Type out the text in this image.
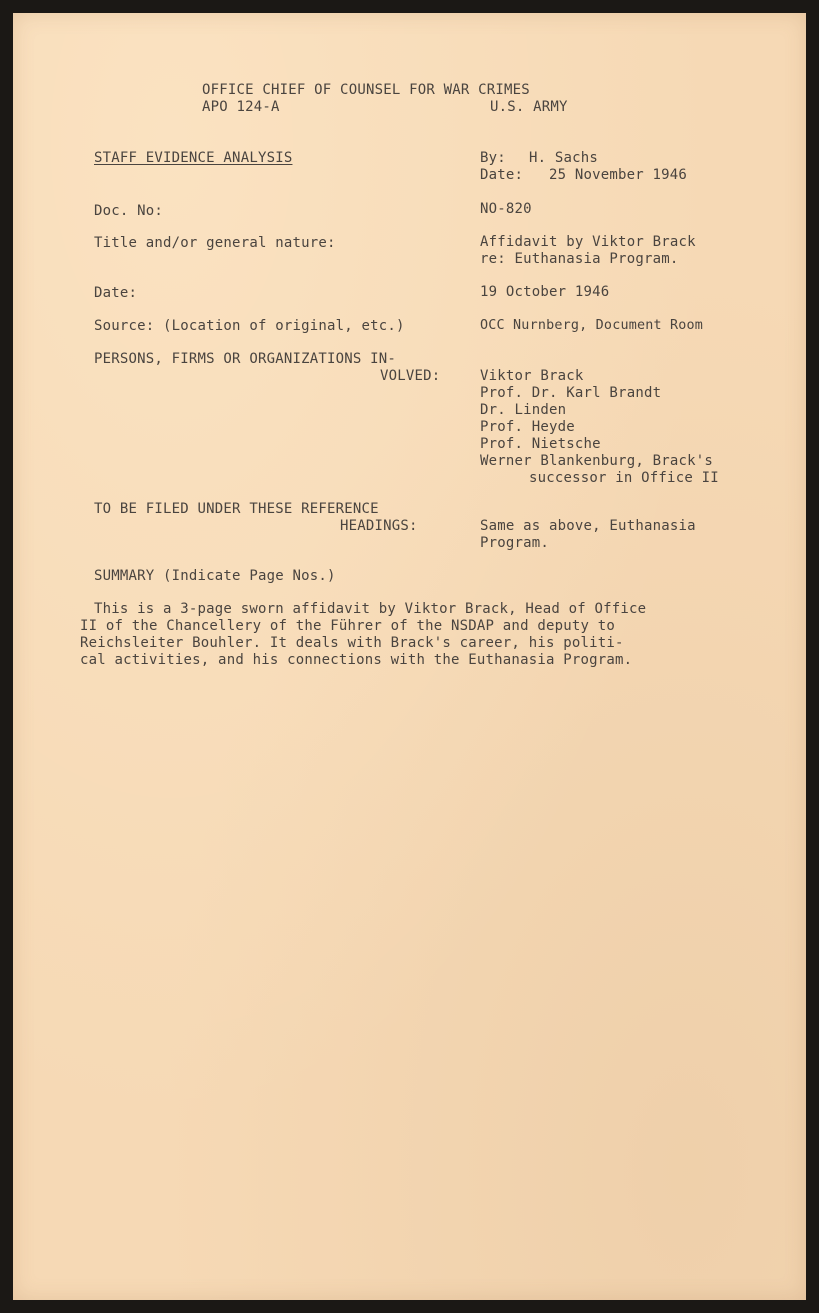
OFFICE CHIEF OF COUNSEL FOR WAR CRIMES
APO 124-A	U.S. ARMY
STAFF EVIDENCE ANALYSIS	By: H. Sachs
Date: 25 November 1946
Doc. No:	NO-820
Title and/or general nature:	Affidavit by Viktor Brack
re: Euthanasia Program.
Date:	19 October 1946
Source: (Location of original, etc.)	OCC Nurnberg, Document Room
PERSONS, FIRMS OR ORGANIZATIONS IN-
VOLVED:	Viktor Brack
Prof. Dr. Karl Brandt
Dr. Linden
Prof. Heyde
Prof. Nietsche
Werner Blankenburg, Brack's
successor in Office II
TO BE FILED UNDER THESE REFERENCE
HEADINGS:	Same as above, Euthanasia
Program.
SUMMARY (Indicate Page Nos.)
This is a 3-page sworn affidavit by Viktor Brack, Head of Office
II of the Chancellery of the Führer of the NSDAP and deputy to
Reichsleiter Bouhler. It deals with Brack's career, his politi-
cal activities, and his connections with the Euthanasia Program.
